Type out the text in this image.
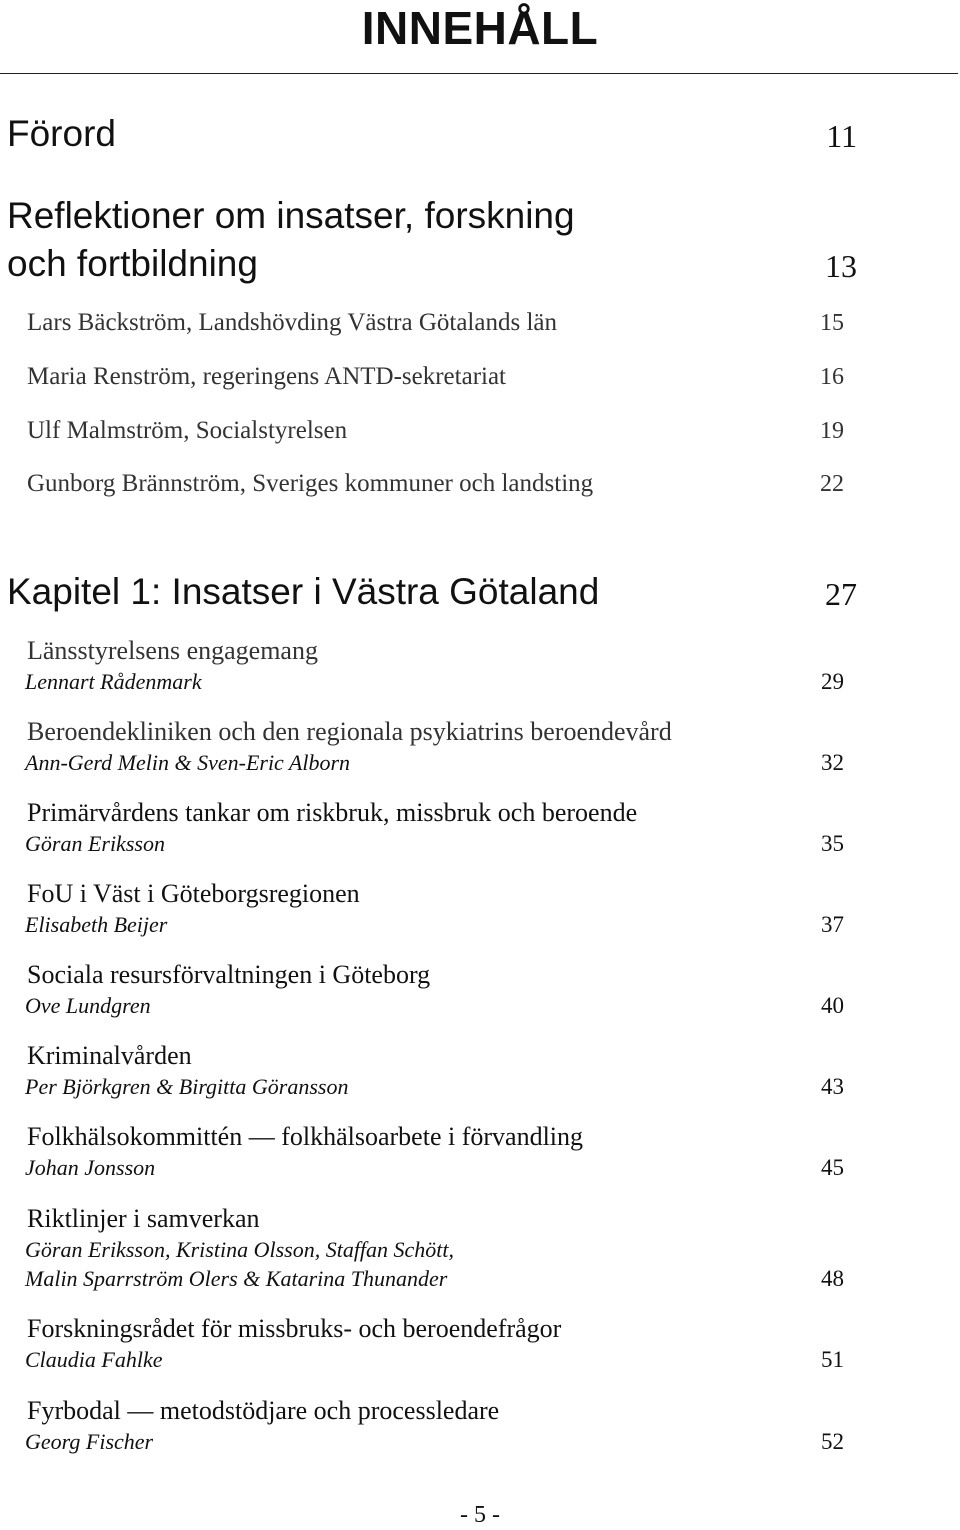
INNEHÅLL
Förord	11
Reflektioner om insatser, forskning
och fortbildning	13
Lars Bäckström, Landshövding Västra Götalands län	15
Maria Renström, regeringens ANTD-sekretariat	16
Ulf Malmström, Socialstyrelsen	19
Gunborg Brännström, Sveriges kommuner och landsting	22
Kapitel 1: Insatser i Västra Götaland	27
Länsstyrelsens engagemang
Lennart Rådenmark	29
Beroendekliniken och den regionala psykiatrins beroendevård
Ann-Gerd Melin & Sven-Eric Alborn	32
Primärvårdens tankar om riskbruk, missbruk och beroende
Göran Eriksson	35
FoU i Väst i Göteborgsregionen
Elisabeth Beijer	37
Sociala resursförvaltningen i Göteborg
Ove Lundgren	40
Kriminalvården
Per Björkgren & Birgitta Göransson	43
Folkhälsokommittén — folkhälsoarbete i förvandling
Johan Jonsson	45
Riktlinjer i samverkan
Göran Eriksson, Kristina Olsson, Staffan Schött,
Malin Sparrström Olers & Katarina Thunander	48
Forskningsrådet för missbruks- och beroendefrågor
Claudia Fahlke	51
Fyrbodal — metodstödjare och processledare
Georg Fischer	52
- 5 -
